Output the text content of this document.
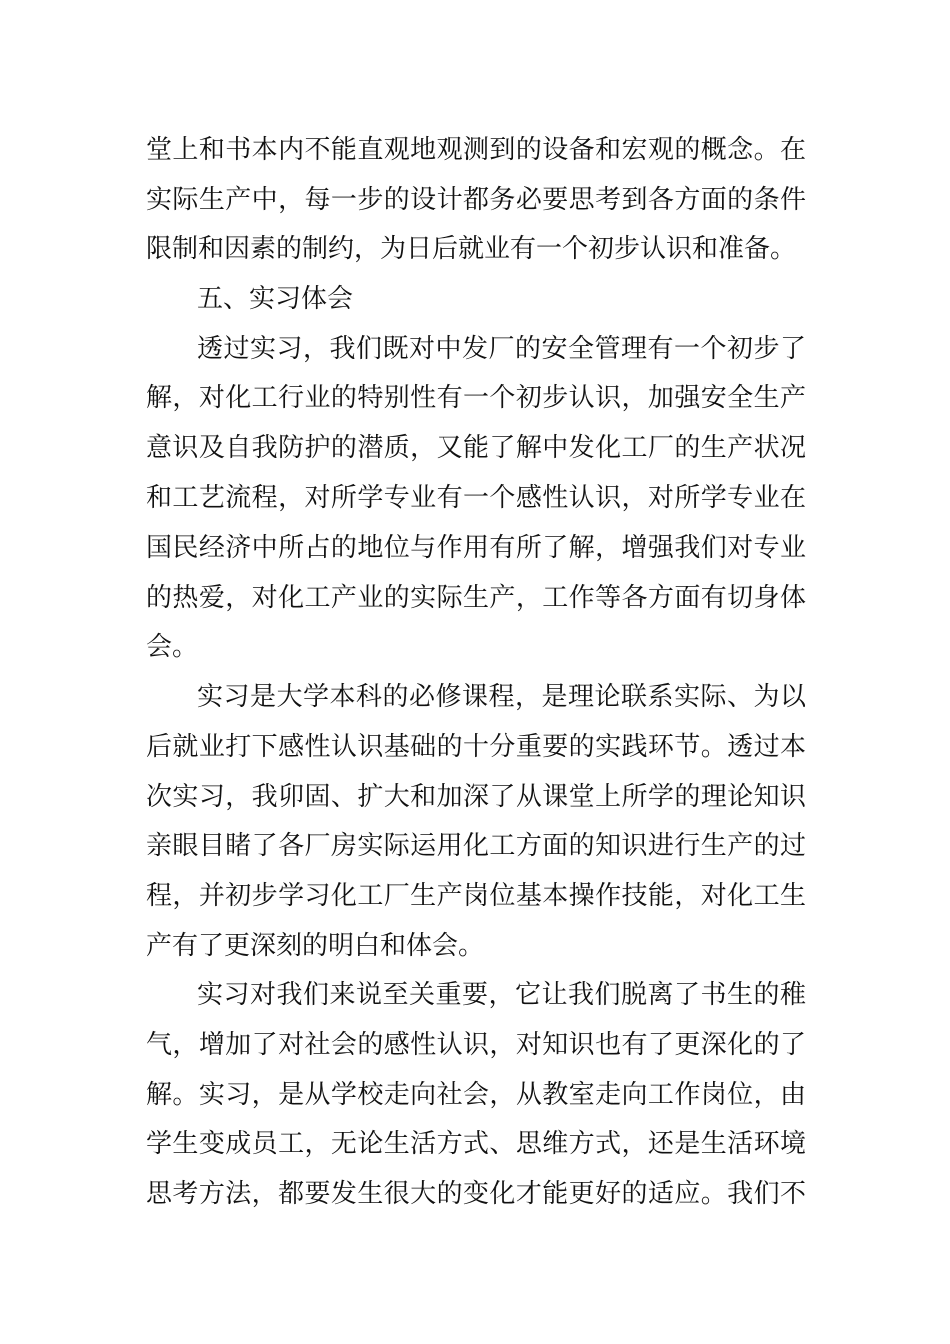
堂上和书本内不能直观地观测到的设备和宏观的概念。在
实际生产中，每一步的设计都务必要思考到各方面的条件
限制和因素的制约，为日后就业有一个初步认识和准备。
五、实习体会
透过实习，我们既对中发厂的安全管理有一个初步了
解，对化工行业的特别性有一个初步认识，加强安全生产
意识及自我防护的潜质，又能了解中发化工厂的生产状况
和工艺流程，对所学专业有一个感性认识，对所学专业在
国民经济中所占的地位与作用有所了解，增强我们对专业
的热爱，对化工产业的实际生产，工作等各方面有切身体
会。
实习是大学本科的必修课程，是理论联系实际、为以
后就业打下感性认识基础的十分重要的实践环节。透过本
次实习，我卯固、扩大和加深了从课堂上所学的理论知识
亲眼目睹了各厂房实际运用化工方面的知识进行生产的过
程，并初步学习化工厂生产岗位基本操作技能，对化工生
产有了更深刻的明白和体会。
实习对我们来说至关重要，它让我们脱离了书生的稚
气，增加了对社会的感性认识，对知识也有了更深化的了
解。实习，是从学校走向社会，从教室走向工作岗位，由
学生变成员工，无论生活方式、思维方式，还是生活环境
思考方法，都要发生很大的变化才能更好的适应。我们不
